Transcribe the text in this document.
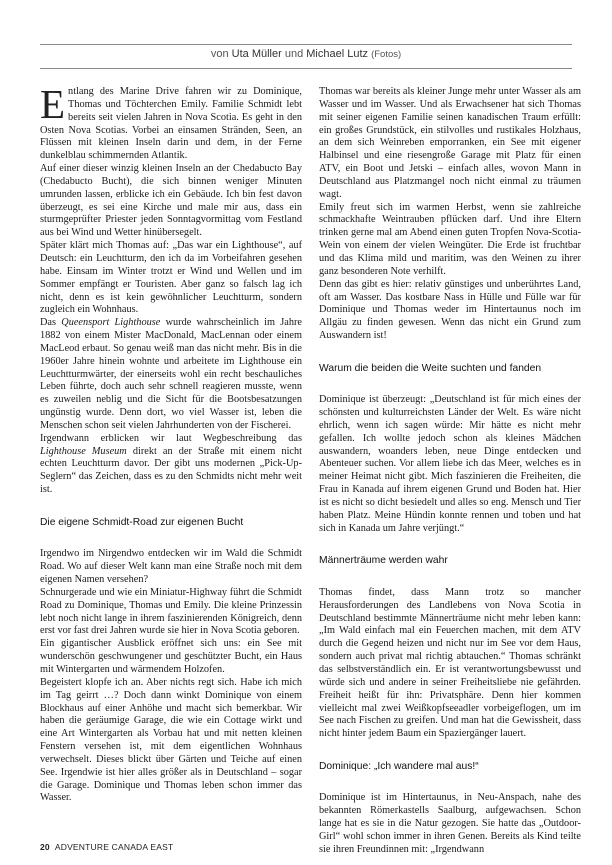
von Uta Müller und Michael Lutz (Fotos)

Entlang des Marine Drive fahren wir zu Dominique, Thomas und Töchterchen Emily. Familie Schmidt lebt bereits seit vielen Jahren in Nova Scotia. Es geht in den Osten Nova Scotias. Vorbei an einsamen Stränden, Seen, an Flüssen mit kleinen Inseln darin und dem, in der Ferne dunkelblau schimmernden Atlantik.

Auf einer dieser winzig kleinen Inseln an der Chedabucto Bay (Chedabucto Bucht), die sich binnen weniger Minuten umrunden lassen, erblicke ich ein Gebäude. Ich bin fest davon überzeugt, es sei eine Kirche und male mir aus, dass ein sturmgeprüfter Priester jeden Sonntagvormittag vom Festland aus bei Wind und Wetter hinübersegelt.

Später klärt mich Thomas auf: „Das war ein Lighthouse“, auf Deutsch: ein Leuchtturm, den ich da im Vorbeifahren gesehen habe. Einsam im Winter trotzt er Wind und Wellen und im Sommer empfängt er Touristen. Aber ganz so falsch lag ich nicht, denn es ist kein gewöhnlicher Leuchtturm, sondern zugleich ein Wohnhaus.

Das Queensport Lighthouse wurde wahrscheinlich im Jahre 1882 von einem Mister MacDonald, MacLennan oder einem MacLeod erbaut. So genau weiß man das nicht mehr. Bis in die 1960er Jahre hinein wohnte und arbeitete im Lighthouse ein Leuchtturmwärter, der einerseits wohl ein recht beschauliches Leben führte, doch auch sehr schnell reagieren musste, wenn es zuweilen neblig und die Sicht für die Bootsbesatzungen ungünstig wurde. Denn dort, wo viel Wasser ist, leben die Menschen schon seit vielen Jahrhunderten von der Fischerei.

Irgendwann erblicken wir laut Wegbeschreibung das Lighthouse Museum direkt an der Straße mit einem nicht echten Leuchtturm davor. Der gibt uns modernen „Pick-Up-Seglern“ das Zeichen, dass es zu den Schmidts nicht mehr weit ist.

Die eigene Schmidt-Road zur eigenen Bucht

Irgendwo im Nirgendwo entdecken wir im Wald die Schmidt Road. Wo auf dieser Welt kann man eine Straße noch mit dem eigenen Namen versehen?

Schnurgerade und wie ein Miniatur-Highway führt die Schmidt Road zu Dominique, Thomas und Emily. Die kleine Prinzessin lebt noch nicht lange in ihrem faszinierenden Königreich, denn erst vor fast drei Jahren wurde sie hier in Nova Scotia geboren.

Ein gigantischer Ausblick eröffnet sich uns: ein See mit wunderschön geschwungener und geschützter Bucht, ein Haus mit Wintergarten und wärmendem Holzofen.

Begeistert klopfe ich an. Aber nichts regt sich. Habe ich mich im Tag geirrt …? Doch dann winkt Dominique von einem Blockhaus auf einer Anhöhe und macht sich bemerkbar. Wir haben die geräumige Garage, die wie ein Cottage wirkt und eine Art Wintergarten als Vorbau hat und mit netten kleinen Fenstern versehen ist, mit dem eigentlichen Wohnhaus verwechselt. Dieses blickt über Gärten und Teiche auf einen See. Irgendwie ist hier alles größer als in Deutschland – sogar die Garage. Dominique und Thomas leben schon immer das Wasser.

Thomas war bereits als kleiner Junge mehr unter Wasser als am Wasser und im Wasser. Und als Erwachsener hat sich Thomas mit seiner eigenen Familie seinen kanadischen Traum erfüllt: ein großes Grundstück, ein stilvolles und rustikales Holzhaus, an dem sich Weinreben emporranken, ein See mit eigener Halbinsel und eine riesengroße Garage mit Platz für einen ATV, ein Boot und Jetski – einfach alles, wovon Mann in Deutschland aus Platzmangel noch nicht einmal zu träumen wagt.

Emily freut sich im warmen Herbst, wenn sie zahlreiche schmackhafte Weintrauben pflücken darf. Und ihre Eltern trinken gerne mal am Abend einen guten Tropfen Nova-Scotia-Wein von einem der vielen Weingüter. Die Erde ist fruchtbar und das Klima mild und maritim, was den Weinen zu ihrer ganz besonderen Note verhilft.

Denn das gibt es hier: relativ günstiges und unberührtes Land, oft am Wasser. Das kostbare Nass in Hülle und Fülle war für Dominique und Thomas weder im Hintertaunus noch im Allgäu zu finden gewesen. Wenn das nicht ein Grund zum Auswandern ist!

Warum die beiden die Weite suchten und fanden

Dominique ist überzeugt: „Deutschland ist für mich eines der schönsten und kulturreichsten Länder der Welt. Es wäre nicht ehrlich, wenn ich sagen würde: Mir hätte es nicht mehr gefallen. Ich wollte jedoch schon als kleines Mädchen auswandern, woanders leben, neue Dinge entdecken und Abenteuer suchen. Vor allem liebe ich das Meer, welches es in meiner Heimat nicht gibt. Mich faszinieren die Freiheiten, die Frau in Kanada auf ihrem eigenen Grund und Boden hat. Hier ist es nicht so dicht besiedelt und alles so eng. Mensch und Tier haben Platz. Meine Hündin konnte rennen und toben und hat sich in Kanada um Jahre verjüngt.“

Männerträume werden wahr

Thomas findet, dass Mann trotz so mancher Herausforderungen des Landlebens von Nova Scotia in Deutschland bestimmte Männerträume nicht mehr leben kann: „Im Wald einfach mal ein Feuerchen machen, mit dem ATV durch die Gegend heizen und nicht nur im See vor dem Haus, sondern auch privat mal richtig abtauchen.“ Thomas schränkt das selbstverständlich ein. Er ist verantwortungsbewusst und würde sich und andere in seiner Freiheitsliebe nie gefährden. Freiheit heißt für ihn: Privatsphäre. Denn hier kommen vielleicht mal zwei Weißkopfseeadler vorbeigeflogen, um im See nach Fischen zu greifen. Und man hat die Gewissheit, dass nicht hinter jedem Baum ein Spaziergänger lauert.

Dominique: „Ich wandere mal aus!“

Dominique ist im Hintertaunus, in Neu-Anspach, nahe des bekannten Römerkastells Saalburg, aufgewachsen. Schon lange hat es sie in die Natur gezogen. Sie hatte das „Outdoor-Girl“ wohl schon immer in ihren Genen. Bereits als Kind teilte sie ihren Freundinnen mit: „Irgendwann

20 ADVENTURE CANADA EAST
